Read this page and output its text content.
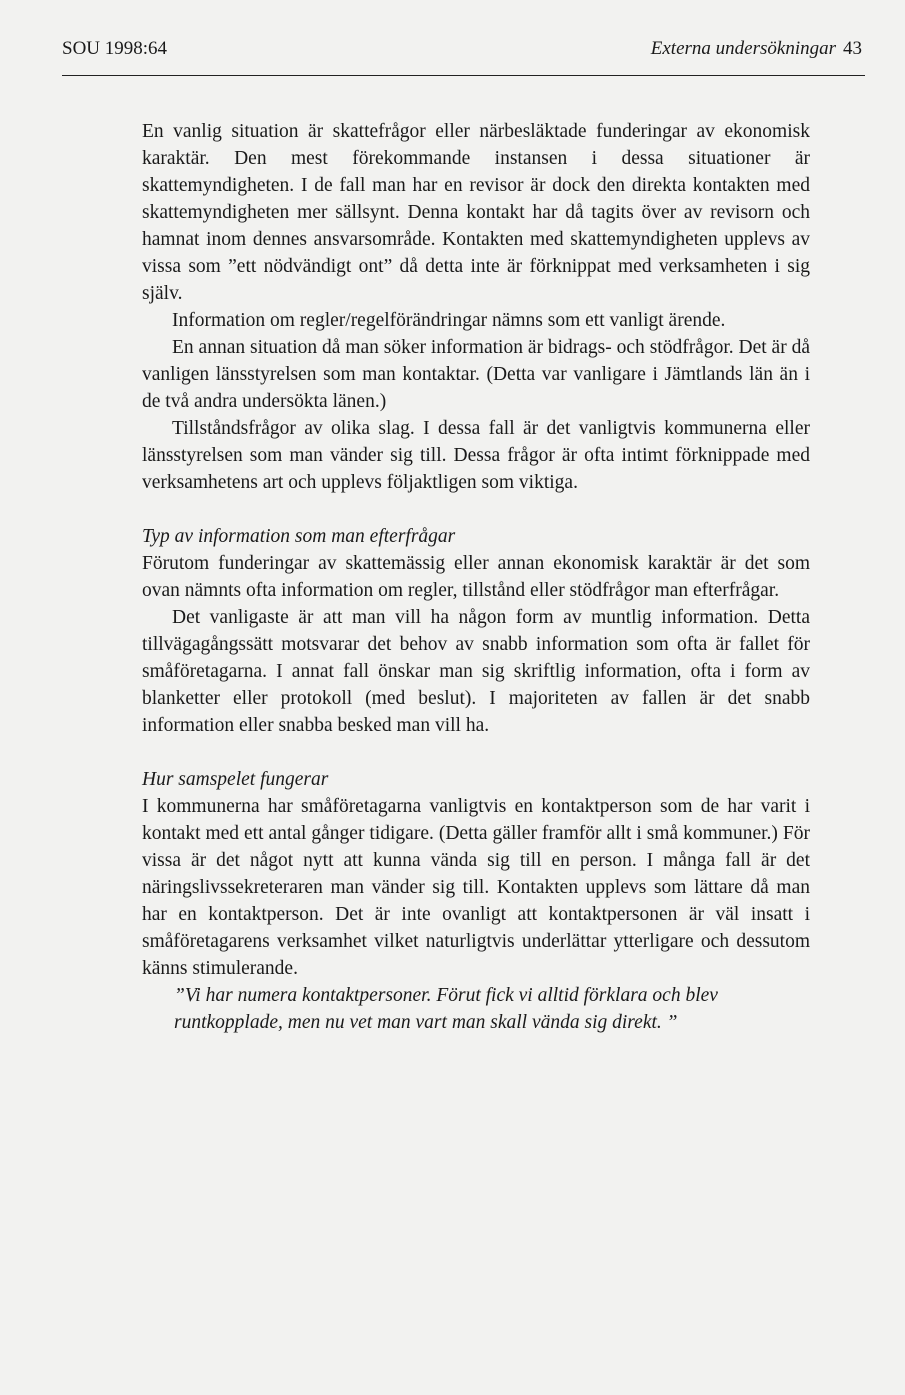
SOU 1998:64	Externa undersökningar 43

En vanlig situation är skattefrågor eller närbesläktade funderingar av ekonomisk karaktär. Den mest förekommande instansen i dessa situationer är skattemyndigheten. I de fall man har en revisor är dock den direkta kontakten med skattemyndigheten mer sällsynt. Denna kontakt har då tagits över av revisorn och hamnat inom dennes ansvarsområde. Kontakten med skattemyndigheten upplevs av vissa som ”ett nödvändigt ont” då detta inte är förknippat med verksamheten i sig själv.

Information om regler/regelförändringar nämns som ett vanligt ärende.

En annan situation då man söker information är bidrags- och stödfrågor. Det är då vanligen länsstyrelsen som man kontaktar. (Detta var vanligare i Jämtlands län än i de två andra undersökta länen.)

Tillståndsfrågor av olika slag. I dessa fall är det vanligtvis kommunerna eller länsstyrelsen som man vänder sig till. Dessa frågor är ofta intimt förknippade med verksamhetens art och upplevs följaktligen som viktiga.

Typ av information som man efterfrågar

Förutom funderingar av skattemässig eller annan ekonomisk karaktär är det som ovan nämnts ofta information om regler, tillstånd eller stödfrågor man efterfrågar.

Det vanligaste är att man vill ha någon form av muntlig information. Detta tillvägagångssätt motsvarar det behov av snabb information som ofta är fallet för småföretagarna. I annat fall önskar man sig skriftlig information, ofta i form av blanketter eller protokoll (med beslut). I majoriteten av fallen är det snabb information eller snabba besked man vill ha.

Hur samspelet fungerar

I kommunerna har småföretagarna vanligtvis en kontaktperson som de har varit i kontakt med ett antal gånger tidigare. (Detta gäller framför allt i små kommuner.) För vissa är det något nytt att kunna vända sig till en person. I många fall är det näringslivssekreteraren man vänder sig till. Kontakten upplevs som lättare då man har en kontaktperson. Det är inte ovanligt att kontaktpersonen är väl insatt i småföretagarens verksamhet vilket naturligtvis underlättar ytterligare och dessutom känns stimulerande.

”Vi har numera kontaktpersoner. Förut fick vi alltid förklara och blev runtkopplade, men nu vet man vart man skall vända sig direkt. ”
